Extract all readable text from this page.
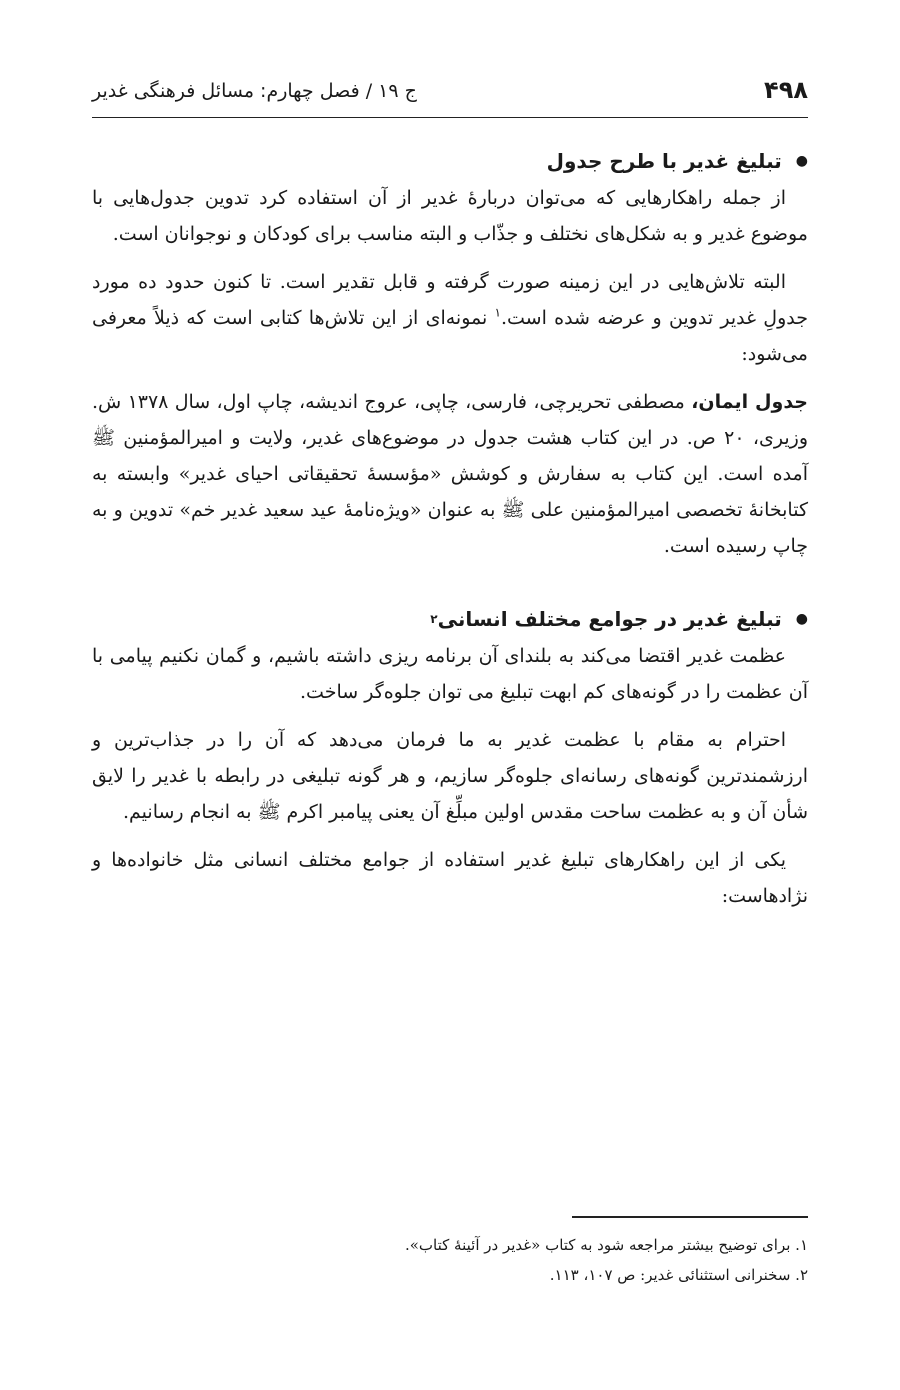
۴۹۸
ج ۱۹ / فصل چهارم: مسائل فرهنگی غدیر
●
تبلیغ غدیر با طرح جدول

از جمله راهکارهایی که می‌توان دربارۀ غدیر از آن استفاده کرد تدوین جدول‌هایی با موضوع غدیر و به شکل‌های نختلف و جذّاب و البته مناسب برای کودکان و نوجوانان است.

البته تلاش‌هایی در این زمینه صورت گرفته و قابل تقدیر است. تا کنون حدود ده مورد جدولِ غدیر تدوین و عرضه شده است.$^۱$ نمونه‌ای از این تلاش‌ها کتابی است که ذیلاً معرفی می‌شود:

جدول ایمان، مصطفی تحریرچی، فارسی، چاپی، عروج اندیشه، چاپ اول، سال ۱۳۷۸ ش. وزیری، ۲۰ ص. در این کتاب هشت جدول در موضوع‌های غدیر، ولایت و امیرالمؤمنین ﷺ آمده است. این کتاب به سفارش و کوشش «مؤسسۀ تحقیقاتی احیای غدیر» وابسته به کتابخانۀ تخصصی امیرالمؤمنین علی ﷺ به عنوان «ویژه‌نامۀ عید سعید غدیر خم» تدوین و به چاپ رسیده است.

●
تبلیغ غدیر در جوامع مختلف انسانی
۲

عظمت غدیر اقتضا می‌کند به بلندای آن برنامه ریزی داشته باشیم، و گمان نکنیم پیامی با آن عظمت را در گونه‌های کم ابهت تبلیغ می توان جلوه‌گر ساخت.

احترام به مقام با عظمت غدیر به ما فرمان می‌دهد که آن را در جذاب‌ترین و ارزشمندترین گونه‌های رسانه‌ای جلوه‌گر سازیم، و هر گونه تبلیغی در رابطه با غدیر را لایق شأن آن و به عظمت ساحت مقدس اولین مبلِّغ آن یعنی پیامبر اکرم ﷺ به انجام رسانیم.

یکی از این راهکارهای تبلیغ غدیر استفاده از جوامع مختلف انسانی مثل خانواده‌ها و نژادهاست:

۱. برای توضیح بیشتر مراجعه شود به کتاب «غدیر در آئینۀ کتاب».

۲. سخنرانی استثنائی غدیر: ص ۱۰۷، ۱۱۳.
